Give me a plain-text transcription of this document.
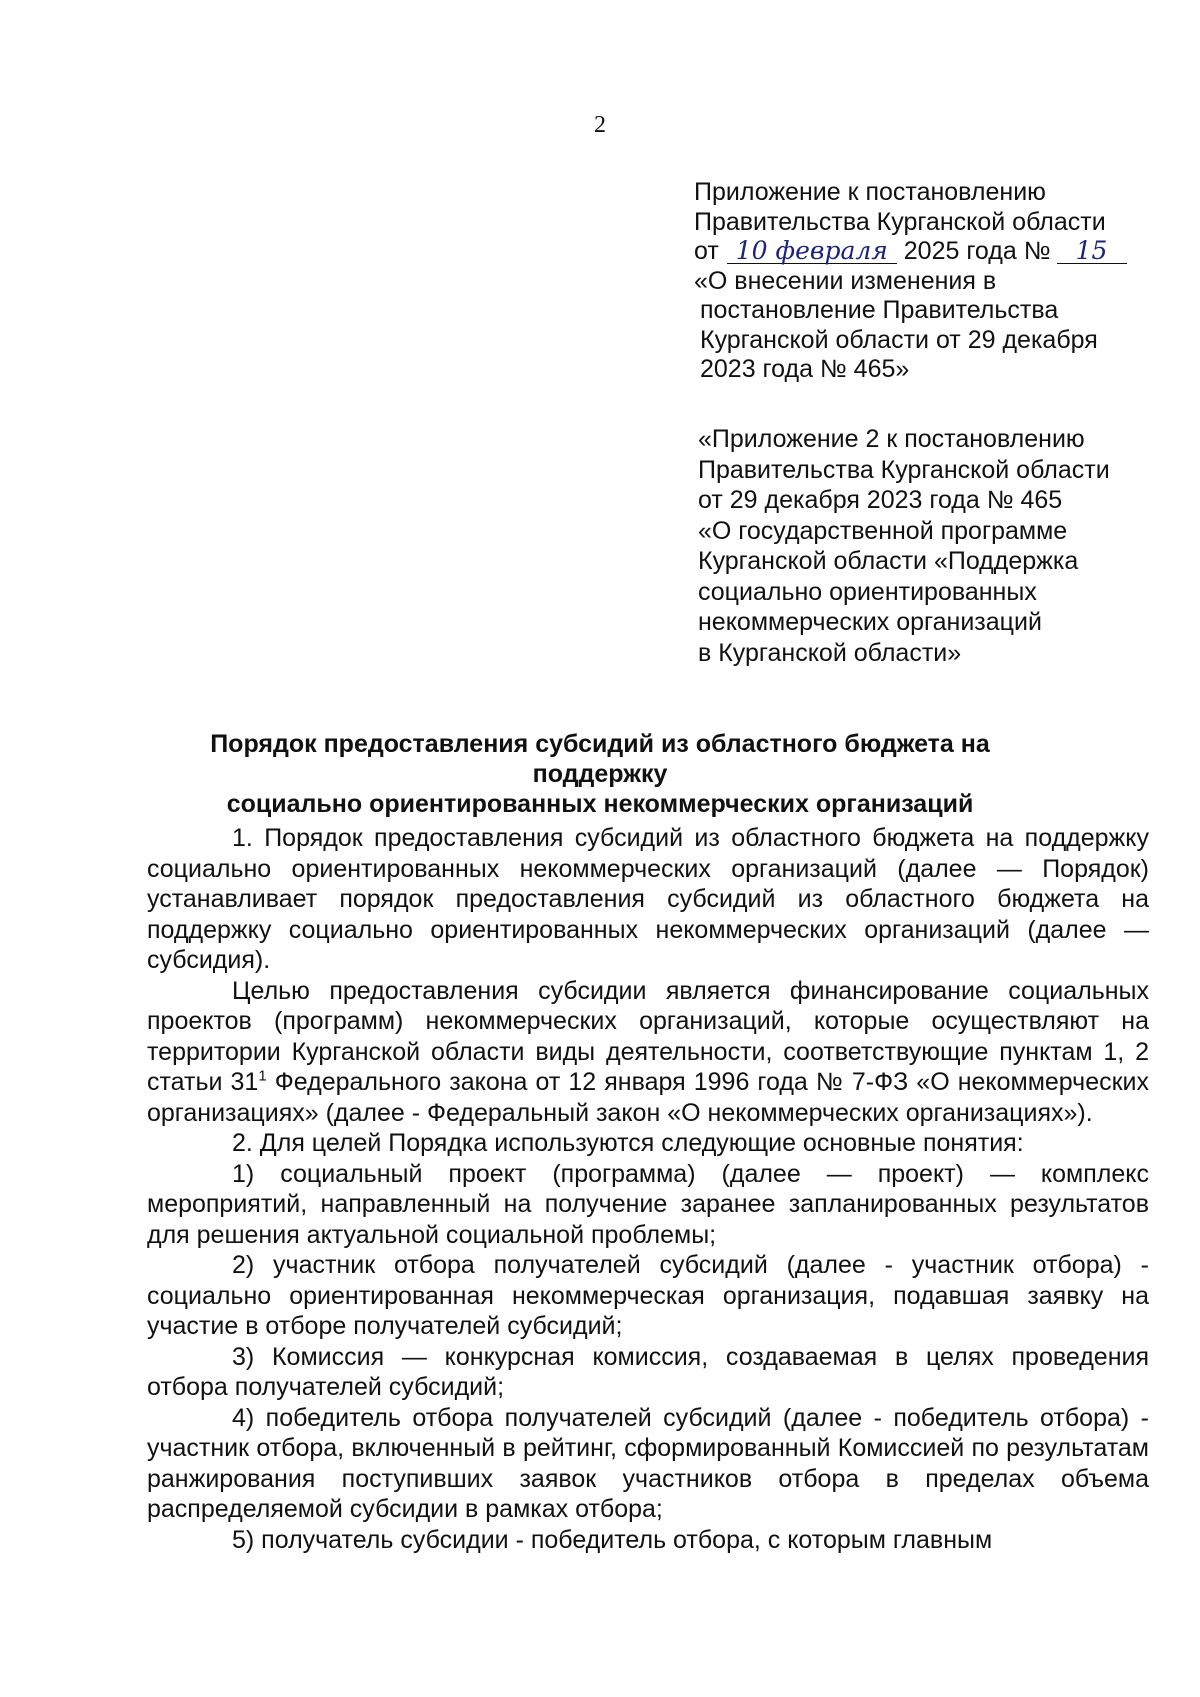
2
Приложение к постановлению
Правительства Курганской области
от 10 февраля 2025 года № 15
«О внесении изменения в
постановление Правительства
Курганской области от 29 декабря
2023 года № 465»
«Приложение 2 к постановлению
Правительства Курганской области
от 29 декабря 2023 года № 465
«О государственной программе
Курганской области «Поддержка
социально ориентированных
некоммерческих организаций
в Курганской области»
Порядок предоставления субсидий из областного бюджета на поддержку
социально ориентированных некоммерческих организаций

1. Порядок предоставления субсидий из областного бюджета на поддержку социально ориентированных некоммерческих организаций (далее — Порядок) устанавливает порядок предоставления субсидий из областного бюджета на поддержку социально ориентированных некоммерческих организаций (далее — субсидия).

Целью предоставления субсидии является финансирование социальных проектов (программ) некоммерческих организаций, которые осуществляют на территории Курганской области виды деятельности, соответствующие пунктам 1, 2 статьи $31^1$ Федерального закона от 12 января 1996 года № 7-ФЗ «О некоммерческих организациях» (далее - Федеральный закон «О некоммерческих организациях»).

2. Для целей Порядка используются следующие основные понятия:

1) социальный проект (программа) (далее — проект) — комплекс мероприятий, направленный на получение заранее запланированных результатов для решения актуальной социальной проблемы;

2) участник отбора получателей субсидий (далее - участник отбора) - социально ориентированная некоммерческая организация, подавшая заявку на участие в отборе получателей субсидий;

3) Комиссия — конкурсная комиссия, создаваемая в целях проведения отбора получателей субсидий;

4) победитель отбора получателей субсидий (далее - победитель отбора) - участник отбора, включенный в рейтинг, сформированный Комиссией по результатам ранжирования поступивших заявок участников отбора в пределах объема распределяемой субсидии в рамках отбора;

5) получатель субсидии - победитель отбора, с которым главным
